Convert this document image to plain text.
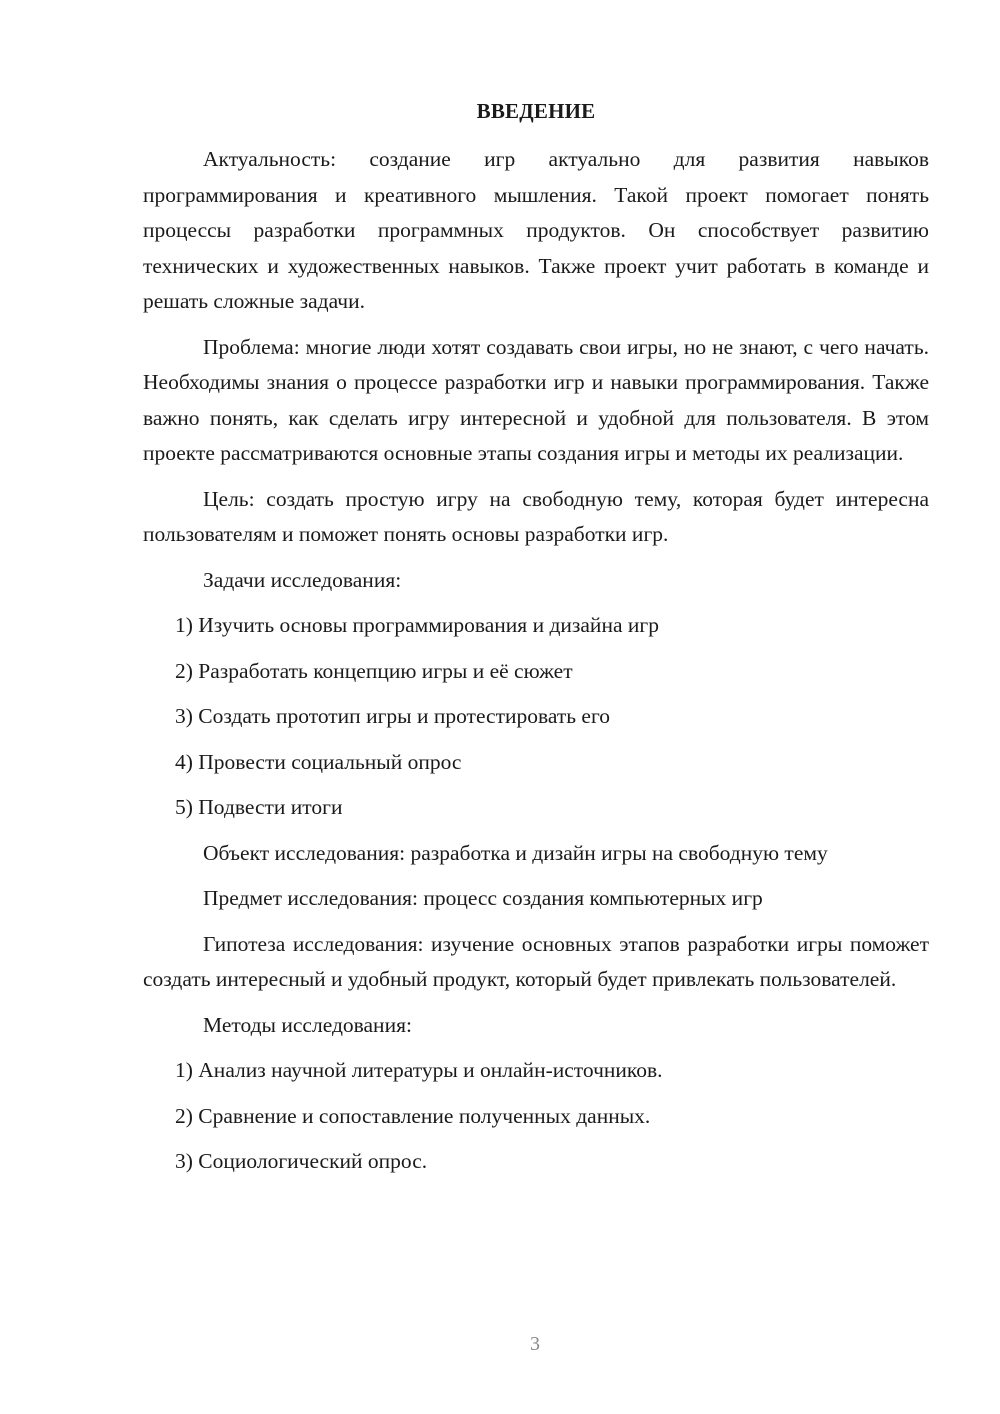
ВВЕДЕНИЕ

Актуальность: создание игр актуально для развития навыков программирования и креативного мышления. Такой проект помогает понять процессы разработки программных продуктов. Он способствует развитию технических и художественных навыков. Также проект учит работать в команде и решать сложные задачи.

Проблема: многие люди хотят создавать свои игры, но не знают, с чего начать. Необходимы знания о процессе разработки игр и навыки программирования. Также важно понять, как сделать игру интересной и удобной для пользователя. В этом проекте рассматриваются основные этапы создания игры и методы их реализации.

Цель: создать простую игру на свободную тему, которая будет интересна пользователям и поможет понять основы разработки игр.

Задачи исследования:

1) Изучить основы программирования и дизайна игр
2) Разработать концепцию игры и её сюжет
3) Создать прототип игры и протестировать его
4) Провести социальный опрос
5) Подвести итоги

Объект исследования: разработка и дизайн игры на свободную тему

Предмет исследования: процесс создания компьютерных игр

Гипотеза исследования: изучение основных этапов разработки игры поможет создать интересный и удобный продукт, который будет привлекать пользователей.

Методы исследования:

1) Анализ научной литературы и онлайн-источников.
2) Сравнение и сопоставление полученных данных.
3) Социологический опрос.
3
